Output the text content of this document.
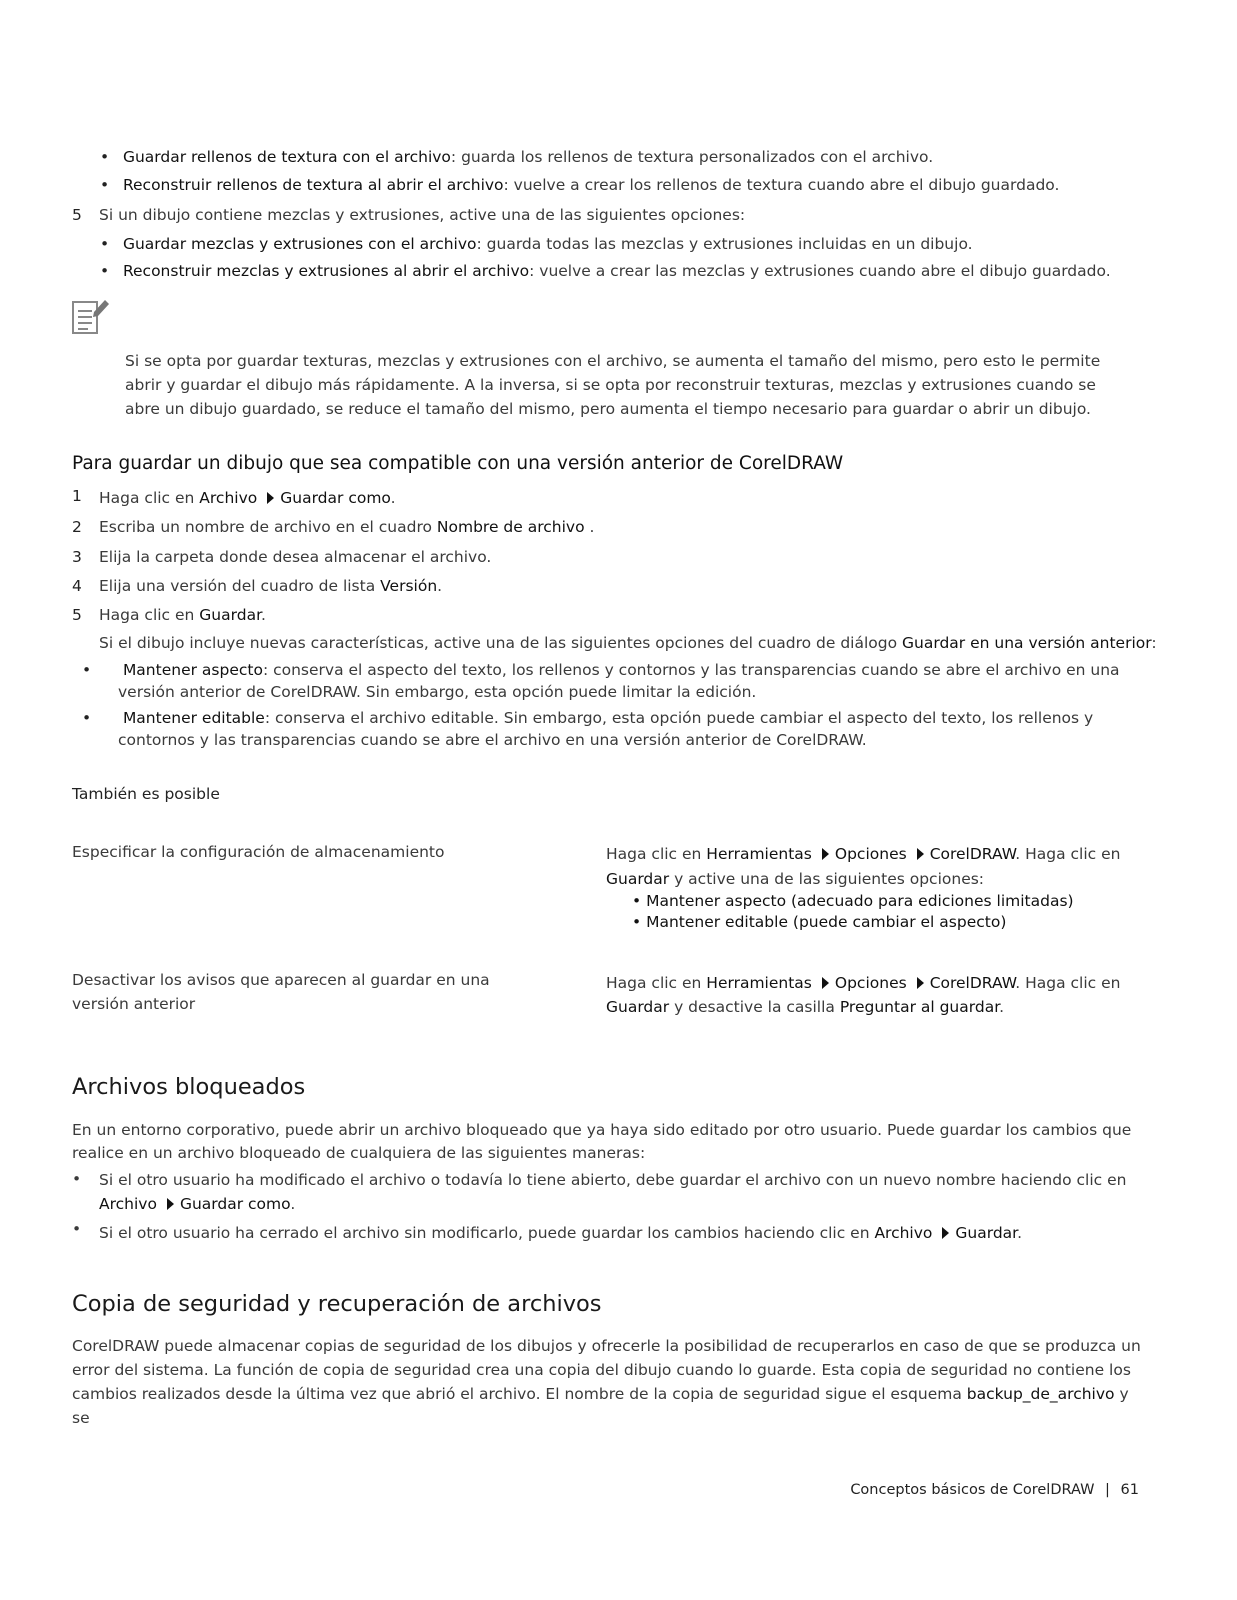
• Guardar rellenos de textura con el archivo: guarda los rellenos de textura personalizados con el archivo.
• Reconstruir rellenos de textura al abrir el archivo: vuelve a crear los rellenos de textura cuando abre el dibujo guardado.
5 Si un dibujo contiene mezclas y extrusiones, active una de las siguientes opciones:
• Guardar mezclas y extrusiones con el archivo: guarda todas las mezclas y extrusiones incluidas en un dibujo.
• Reconstruir mezclas y extrusiones al abrir el archivo: vuelve a crear las mezclas y extrusiones cuando abre el dibujo guardado.
Si se opta por guardar texturas, mezclas y extrusiones con el archivo, se aumenta el tamaño del mismo, pero esto le permite abrir y guardar el dibujo más rápidamente. A la inversa, si se opta por reconstruir texturas, mezclas y extrusiones cuando se abre un dibujo guardado, se reduce el tamaño del mismo, pero aumenta el tiempo necesario para guardar o abrir un dibujo.
Para guardar un dibujo que sea compatible con una versión anterior de CorelDRAW
1 Haga clic en Archivo Guardar como.
2 Escriba un nombre de archivo en el cuadro Nombre de archivo .
3 Elija la carpeta donde desea almacenar el archivo.
4 Elija una versión del cuadro de lista Versión.
5 Haga clic en Guardar.
Si el dibujo incluye nuevas características, active una de las siguientes opciones del cuadro de diálogo Guardar en una versión anterior:
• Mantener aspecto: conserva el aspecto del texto, los rellenos y contornos y las transparencias cuando se abre el archivo en una versión anterior de CorelDRAW. Sin embargo, esta opción puede limitar la edición.
• Mantener editable: conserva el archivo editable. Sin embargo, esta opción puede cambiar el aspecto del texto, los rellenos y contornos y las transparencias cuando se abre el archivo en una versión anterior de CorelDRAW.
También es posible
Especificar la configuración de almacenamiento	Haga clic en Herramientas Opciones CorelDRAW. Haga clic en
Guardar y active una de las siguientes opciones:
• Mantener aspecto (adecuado para ediciones limitadas)
• Mantener editable (puede cambiar el aspecto)
Desactivar los avisos que aparecen al guardar en una versión anterior
Haga clic en Herramientas Opciones CorelDRAW. Haga clic en
Guardar y desactive la casilla Preguntar al guardar.
Archivos bloqueados
En un entorno corporativo, puede abrir un archivo bloqueado que ya haya sido editado por otro usuario. Puede guardar los cambios que realice en un archivo bloqueado de cualquiera de las siguientes maneras:
• Si el otro usuario ha modificado el archivo o todavía lo tiene abierto, debe guardar el archivo con un nuevo nombre haciendo clic en
Archivo Guardar como.
• Si el otro usuario ha cerrado el archivo sin modificarlo, puede guardar los cambios haciendo clic en Archivo Guardar.
Copia de seguridad y recuperación de archivos
CorelDRAW puede almacenar copias de seguridad de los dibujos y ofrecerle la posibilidad de recuperarlos en caso de que se produzca un error del sistema. La función de copia de seguridad crea una copia del dibujo cuando lo guarde. Esta copia de seguridad no contiene los cambios realizados desde la última vez que abrió el archivo. El nombre de la copia de seguridad sigue el esquema backup_de_archivo y se
Conceptos básicos de CorelDRAW | 61
